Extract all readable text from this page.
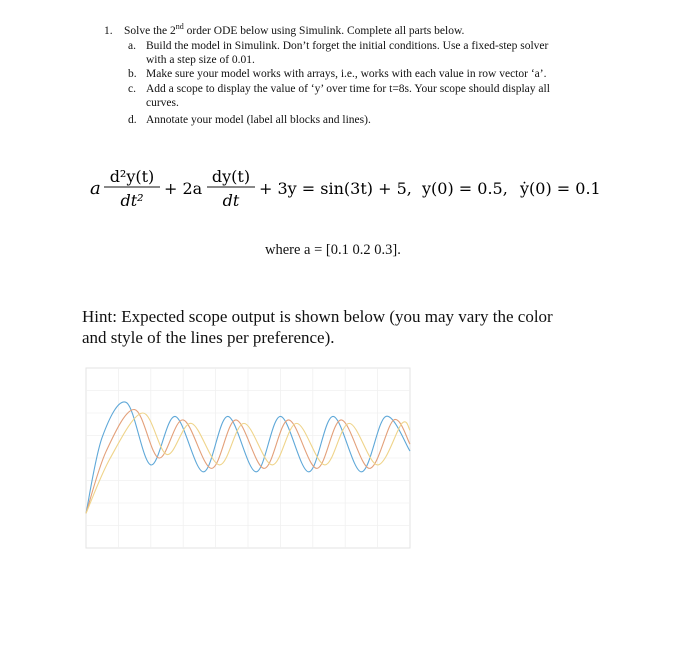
1. Solve the 2nd order ODE below using Simulink. Complete all parts below.
a. Build the model in Simulink. Don’t forget the initial conditions. Use a fixed-step solver
with a step size of 0.01.
b. Make sure your model works with arrays, i.e., works with each value in row vector ‘a’.
c. Add a scope to display the value of ‘y’ over time for t=8s. Your scope should display all
curves.
d. Annotate your model (label all blocks and lines).
a
d²y(t)
dt²
+ 2a
dy(t)
dt
+ 3y = sin(3t) + 5, y(0) = 0.5, ẏ(0) = 0.1
where a = [0.1 0.2 0.3].
Hint: Expected scope output is shown below (you may vary the color
and style of the lines per preference).
